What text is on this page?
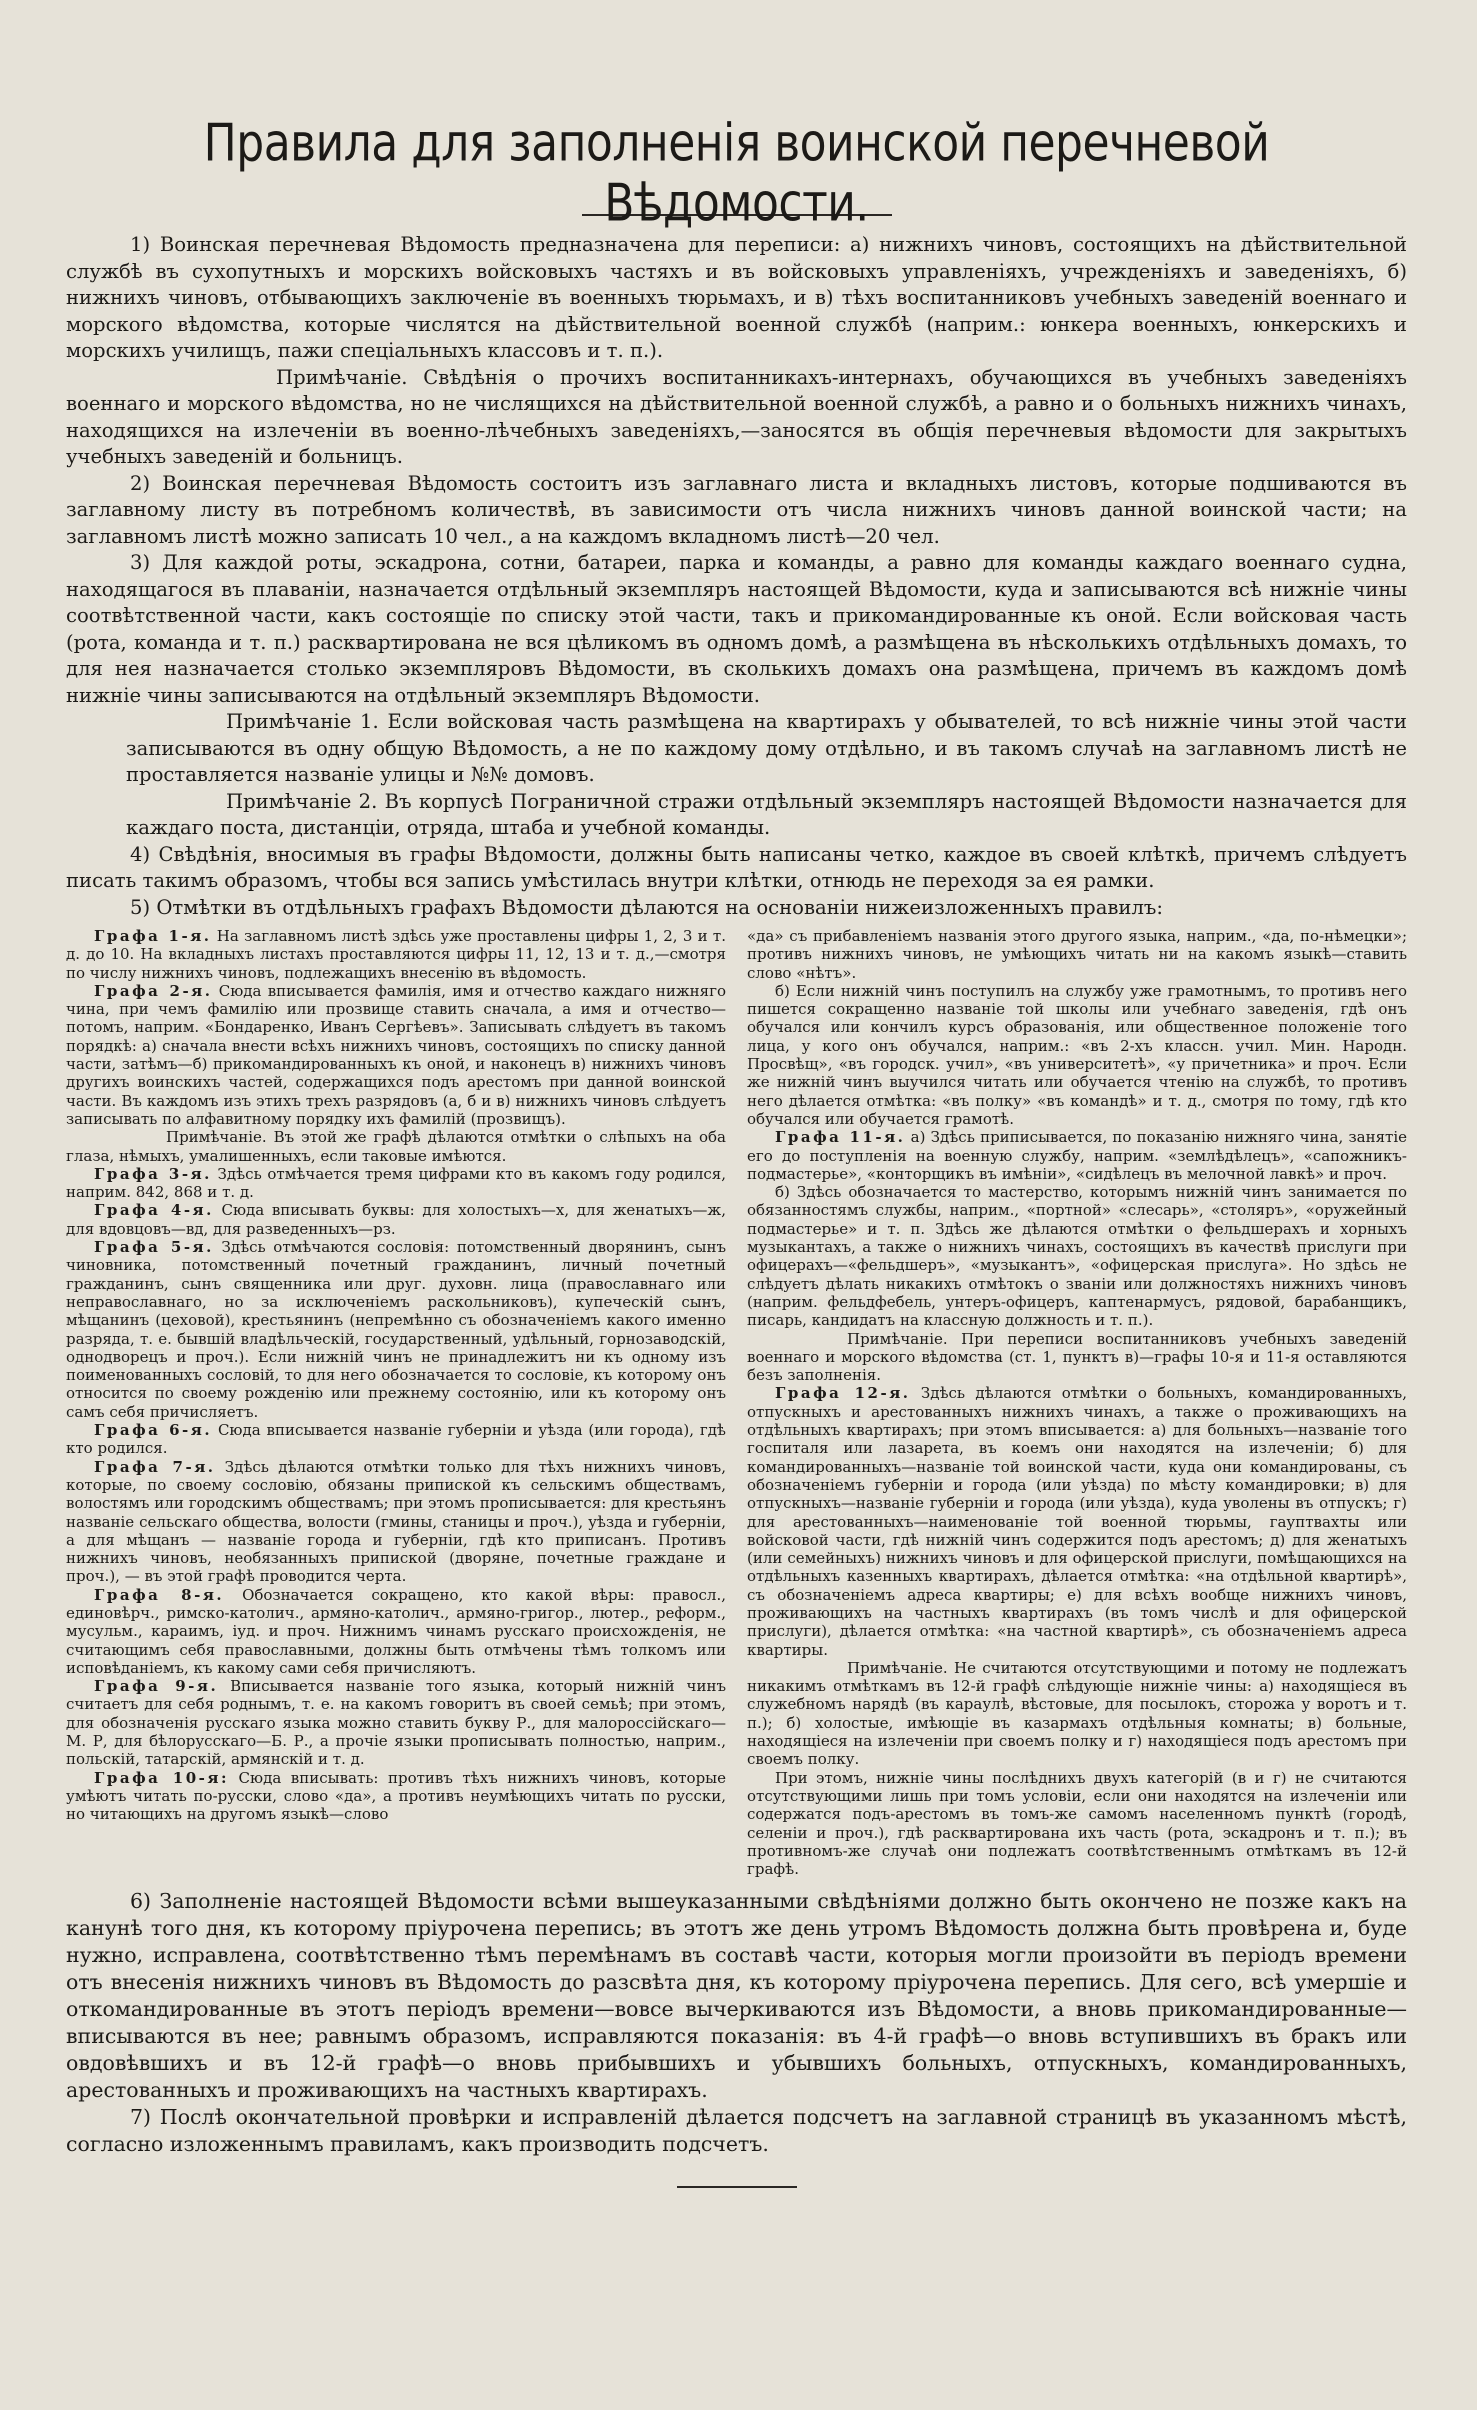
Правила для заполненія воинской перечневой Вѣдомости.

1) Воинская перечневая Вѣдомость предназначена для переписи: а) нижнихъ чиновъ, состоящихъ на дѣйствительной службѣ въ сухопутныхъ и морскихъ войсковыхъ частяхъ и въ войсковыхъ управленіяхъ, учрежденіяхъ и заведеніяхъ, б) нижнихъ чиновъ, отбывающихъ заключеніе въ военныхъ тюрьмахъ, и в) тѣхъ воспитанниковъ учебныхъ заведеній военнаго и морского вѣдомства, которые числятся на дѣйствительной военной службѣ (наприм.: юнкера военныхъ, юнкерскихъ и морскихъ училищъ, пажи спеціальныхъ классовъ и т. п.).

Примѣчаніе. Свѣдѣнія о прочихъ воспитанникахъ-интернахъ, обучающихся въ учебныхъ заведеніяхъ военнаго и морского вѣдомства, но не числящихся на дѣйствительной военной службѣ, а равно и о больныхъ нижнихъ чинахъ, находящихся на излеченіи въ военно-лѣчебныхъ заведеніяхъ,—заносятся въ общія перечневыя вѣдомости для закрытыхъ учебныхъ заведеній и больницъ.

2) Воинская перечневая Вѣдомость состоитъ изъ заглавнаго листа и вкладныхъ листовъ, которые подшиваются въ заглавному листу въ потребномъ количествѣ, въ зависимости отъ числа нижнихъ чиновъ данной воинской части; на заглавномъ листѣ можно записать 10 чел., а на каждомъ вкладномъ листѣ—20 чел.

3) Для каждой роты, эскадрона, сотни, батареи, парка и команды, а равно для команды каждаго военнаго судна, находящагося въ плаваніи, назначается отдѣльный экземпляръ настоящей Вѣдомости, куда и записываются всѣ нижніе чины соотвѣтственной части, какъ состоящіе по списку этой части, такъ и прикомандированные къ оной. Если войсковая часть (рота, команда и т. п.) расквартирована не вся цѣликомъ въ одномъ домѣ, а размѣщена въ нѣсколькихъ отдѣльныхъ домахъ, то для нея назначается столько экземпляровъ Вѣдомости, въ сколькихъ домахъ она размѣщена, причемъ въ каждомъ домѣ нижніе чины записываются на отдѣльный экземпляръ Вѣдомости.

Примѣчаніе 1. Если войсковая часть размѣщена на квартирахъ у обывателей, то всѣ нижніе чины этой части записываются въ одну общую Вѣдомость, а не по каждому дому отдѣльно, и въ такомъ случаѣ на заглавномъ листѣ не проставляется названіе улицы и №№ домовъ.

Примѣчаніе 2. Въ корпусѣ Пограничной стражи отдѣльный экземпляръ настоящей Вѣдомости назначается для каждаго поста, дистанціи, отряда, штаба и учебной команды.

4) Свѣдѣнія, вносимыя въ графы Вѣдомости, должны быть написаны четко, каждое въ своей клѣткѣ, причемъ слѣдуетъ писать такимъ образомъ, чтобы вся запись умѣстилась внутри клѣтки, отнюдь не переходя за ея рамки.

5) Отмѣтки въ отдѣльныхъ графахъ Вѣдомости дѣлаются на основаніи нижеизложенныхъ правилъ:

Графа 1-я. На заглавномъ листѣ здѣсь уже проставлены цифры 1, 2, 3 и т. д. до 10. На вкладныхъ листахъ проставляются цифры 11, 12, 13 и т. д.,—смотря по числу нижнихъ чиновъ, подлежащихъ внесенію въ вѣдомость.

Графа 2-я. Сюда вписывается фамилія, имя и отчество каждаго нижняго чина, при чемъ фамилію или прозвище ставить сначала, а имя и отчество—потомъ, наприм. «Бондаренко, Иванъ Сергѣевъ». Записывать слѣдуетъ въ такомъ порядкѣ: а) сначала внести всѣхъ нижнихъ чиновъ, состоящихъ по списку данной части, затѣмъ—б) прикомандированныхъ къ оной, и наконецъ в) нижнихъ чиновъ другихъ воинскихъ частей, содержащихся подъ арестомъ при данной воинской части. Въ каждомъ изъ этихъ трехъ разрядовъ (а, б и в) нижнихъ чиновъ слѣдуетъ записывать по алфавитному порядку ихъ фамилій (прозвищъ).

Примѣчаніе. Въ этой же графѣ дѣлаются отмѣтки о слѣпыхъ на оба глаза, нѣмыхъ, умалишенныхъ, если таковые имѣются.

Графа 3-я. Здѣсь отмѣчается тремя цифрами кто въ какомъ году родился, наприм. 842, 868 и т. д.

Графа 4-я. Сюда вписывать буквы: для холостыхъ—х, для женатыхъ—ж, для вдовцовъ—вд, для разведенныхъ—рз.

Графа 5-я. Здѣсь отмѣчаются сословія: потомственный дворянинъ, сынъ чиновника, потомственный почетный гражданинъ, личный почетный гражданинъ, сынъ священника или друг. духовн. лица (православнаго или неправославнаго, но за исключеніемъ раскольниковъ), купеческій сынъ, мѣщанинъ (цеховой), крестьянинъ (непремѣнно съ обозначеніемъ какого именно разряда, т. е. бывшій владѣльческій, государственный, удѣльный, горнозаводскій, однодворецъ и проч.). Если нижній чинъ не принадлежитъ ни къ одному изъ поименованныхъ сословій, то для него обозначается то сословіе, къ которому онъ относится по своему рожденію или прежнему состоянію, или къ которому онъ самъ себя причисляетъ.

Графа 6-я. Сюда вписывается названіе губерніи и уѣзда (или города), гдѣ кто родился.

Графа 7-я. Здѣсь дѣлаются отмѣтки только для тѣхъ нижнихъ чиновъ, которые, по своему сословію, обязаны припиской къ сельскимъ обществамъ, волостямъ или городскимъ обществамъ; при этомъ прописывается: для крестьянъ названіе сельскаго общества, волости (гмины, станицы и проч.), уѣзда и губерніи, а для мѣщанъ — названіе города и губерніи, гдѣ кто приписанъ. Противъ нижнихъ чиновъ, необязанныхъ припиской (дворяне, почетные граждане и проч.), — въ этой графѣ проводится черта.

Графа 8-я. Обозначается сокращено, кто какой вѣры: правосл., единовѣрч., римско-католич., армяно-католич., армяно-григор., лютер., реформ., мусульм., караимъ, іуд. и проч. Нижнимъ чинамъ русскаго происхожденія, не считающимъ себя православными, должны быть отмѣчены тѣмъ толкомъ или исповѣданіемъ, къ какому сами себя причисляютъ.

Графа 9-я. Вписывается названіе того языка, который нижній чинъ считаетъ для себя роднымъ, т. е. на какомъ говоритъ въ своей семьѣ; при этомъ, для обозначенія русскаго языка можно ставить букву Р., для малороссійскаго—М. Р, для бѣлорусскаго—Б. Р., а прочіе языки прописывать полностью, наприм., польскій, татарскій, армянскій и т. д.

Графа 10-я: Сюда вписывать: противъ тѣхъ нижнихъ чиновъ, которые умѣютъ читать по-русски, слово «да», а противъ неумѣющихъ читать по русски, но читающихъ на другомъ языкѣ—слово

«да» съ прибавленіемъ названія этого другого языка, наприм., «да, по-нѣмецки»; противъ нижнихъ чиновъ, не умѣющихъ читать ни на какомъ языкѣ—ставить слово «нѣтъ».

б) Если нижній чинъ поступилъ на службу уже грамотнымъ, то противъ него пишется сокращенно названіе той школы или учебнаго заведенія, гдѣ онъ обучался или кончилъ курсъ образованія, или общественное положеніе того лица, у кого онъ обучался, наприм.: «въ 2-хъ классн. учил. Мин. Народн. Просвѣщ», «въ городск. учил», «въ университетѣ», «у причетника» и проч. Если же нижній чинъ выучился читать или обучается чтенію на службѣ, то противъ него дѣлается отмѣтка: «въ полку» «въ командѣ» и т. д., смотря по тому, гдѣ кто обучался или обучается грамотѣ.

Графа 11-я. а) Здѣсь приписывается, по показанію нижняго чина, занятіе его до поступленія на военную службу, наприм. «землѣдѣлецъ», «сапожникъ-подмастерье», «конторщикъ въ имѣніи», «сидѣлецъ въ мелочной лавкѣ» и проч.

б) Здѣсь обозначается то мастерство, которымъ нижній чинъ занимается по обязанностямъ службы, наприм., «портной» «слесарь», «столяръ», «оружейный подмастерье» и т. п. Здѣсь же дѣлаются отмѣтки о фельдшерахъ и хорныхъ музыкантахъ, а также о нижнихъ чинахъ, состоящихъ въ качествѣ прислуги при офицерахъ—«фельдшеръ», «музыкантъ», «офицерская прислуга». Но здѣсь не слѣдуетъ дѣлать никакихъ отмѣтокъ о званіи или должностяхъ нижнихъ чиновъ (наприм. фельдфебель, унтеръ-офицеръ, каптенармусъ, рядовой, барабанщикъ, писарь, кандидатъ на классную должность и т. п.).

Примѣчаніе. При переписи воспитанниковъ учебныхъ заведеній военнаго и морского вѣдомства (ст. 1, пунктъ в)—графы 10-я и 11-я оставляются безъ заполненія.

Графа 12-я. Здѣсь дѣлаются отмѣтки о больныхъ, командированныхъ, отпускныхъ и арестованныхъ нижнихъ чинахъ, а также о проживающихъ на отдѣльныхъ квартирахъ; при этомъ вписывается: а) для больныхъ—названіе того госпиталя или лазарета, въ коемъ они находятся на излеченіи; б) для командированныхъ—названіе той воинской части, куда они командированы, съ обозначеніемъ губерніи и города (или уѣзда) по мѣсту командировки; в) для отпускныхъ—названіе губерніи и города (или уѣзда), куда уволены въ отпускъ; г) для арестованныхъ—наименованіе той военной тюрьмы, гауптвахты или войсковой части, гдѣ нижній чинъ содержится подъ арестомъ; д) для женатыхъ (или семейныхъ) нижнихъ чиновъ и для офицерской прислуги, помѣщающихся на отдѣльныхъ казенныхъ квартирахъ, дѣлается отмѣтка: «на отдѣльной квартирѣ», съ обозначеніемъ адреса квартиры; е) для всѣхъ вообще нижнихъ чиновъ, проживающихъ на частныхъ квартирахъ (въ томъ числѣ и для офицерской прислуги), дѣлается отмѣтка: «на частной квартирѣ», съ обозначеніемъ адреса квартиры.

Примѣчаніе. Не считаются отсутствующими и потому не подлежатъ никакимъ отмѣткамъ въ 12-й графѣ слѣдующіе нижніе чины: а) находящіеся въ служебномъ нарядѣ (въ караулѣ, вѣстовые, для посылокъ, сторожа у воротъ и т. п.); б) холостые, имѣющіе въ казармахъ отдѣльныя комнаты; в) больные, находящіеся на излеченіи при своемъ полку и г) находящіеся подъ арестомъ при своемъ полку.

При этомъ, нижніе чины послѣднихъ двухъ категорій (в и г) не считаются отсутствующими лишь при томъ условіи, если они находятся на излеченіи или содержатся подъ-арестомъ въ томъ-же самомъ населенномъ пунктѣ (городѣ, селеніи и проч.), гдѣ расквартирована ихъ часть (рота, эскадронъ и т. п.); въ противномъ-же случаѣ они подлежатъ соотвѣтственнымъ отмѣткамъ въ 12-й графѣ.

6) Заполненіе настоящей Вѣдомости всѣми вышеуказанными свѣдѣніями должно быть окончено не позже какъ на канунѣ того дня, къ которому пріурочена перепись; въ этотъ же день утромъ Вѣдомость должна быть провѣрена и, буде нужно, исправлена, соотвѣтственно тѣмъ перемѣнамъ въ составѣ части, которыя могли произойти въ періодъ времени отъ внесенія нижнихъ чиновъ въ Вѣдомость до разсвѣта дня, къ которому пріурочена перепись. Для сего, всѣ умершіе и откомандированные въ этотъ періодъ времени—вовсе вычеркиваются изъ Вѣдомости, а вновь прикомандированные—вписываются въ нее; равнымъ образомъ, исправляются показанія: въ 4-й графѣ—о вновь вступившихъ въ бракъ или овдовѣвшихъ и въ 12-й графѣ—о вновь прибывшихъ и убывшихъ больныхъ, отпускныхъ, командированныхъ, арестованныхъ и проживающихъ на частныхъ квартирахъ.

7) Послѣ окончательной провѣрки и исправленій дѣлается подсчетъ на заглавной страницѣ въ указанномъ мѣстѣ, согласно изложеннымъ правиламъ, какъ производить подсчетъ.
